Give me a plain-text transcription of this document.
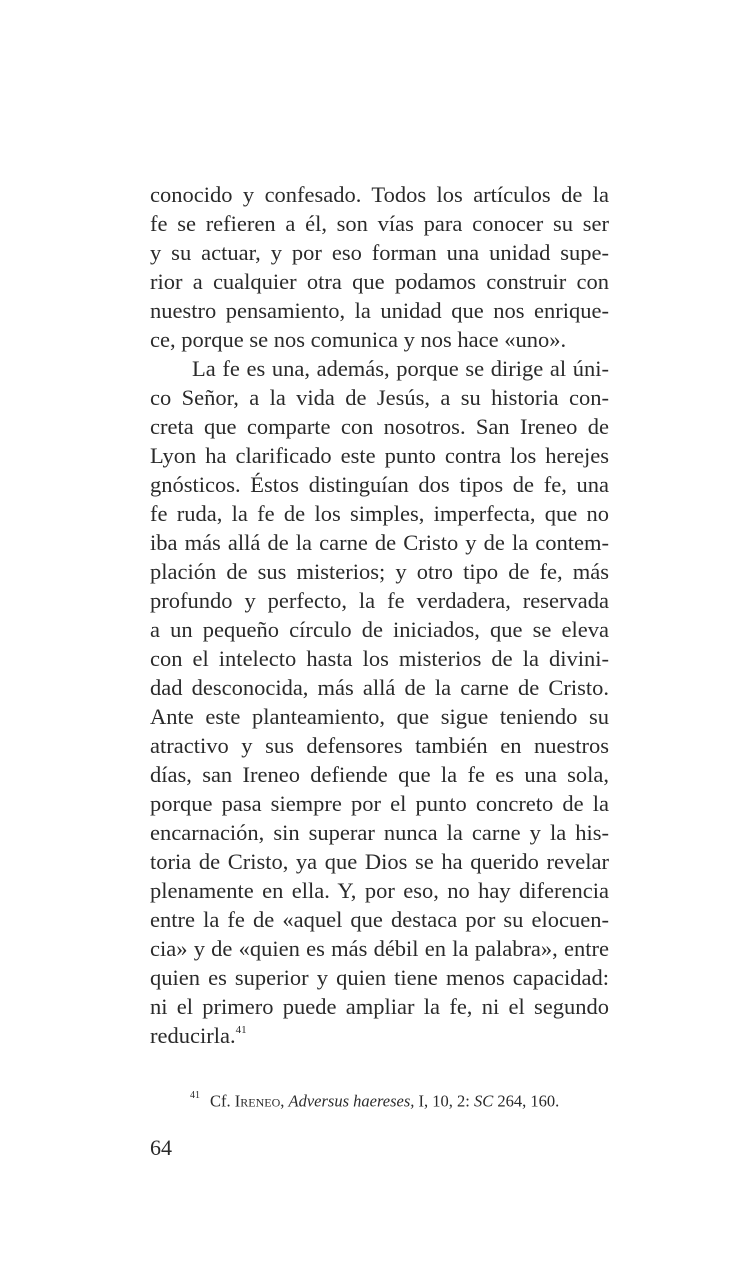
conocido y confesado. Todos los artículos de la
fe se refieren a él, son vías para conocer su ser
y su actuar, y por eso forman una unidad supe-
rior a cualquier otra que podamos construir con
nuestro pensamiento, la unidad que nos enrique-
ce, porque se nos comunica y nos hace «uno».
La fe es una, además, porque se dirige al úni-
co Señor, a la vida de Jesús, a su historia con-
creta que comparte con nosotros. San Ireneo de
Lyon ha clarificado este punto contra los herejes
gnósticos. Éstos distinguían dos tipos de fe, una
fe ruda, la fe de los simples, imperfecta, que no
iba más allá de la carne de Cristo y de la contem-
plación de sus misterios; y otro tipo de fe, más
profundo y perfecto, la fe verdadera, reservada
a un pequeño círculo de iniciados, que se eleva
con el intelecto hasta los misterios de la divini-
dad desconocida, más allá de la carne de Cristo.
Ante este planteamiento, que sigue teniendo su
atractivo y sus defensores también en nuestros
días, san Ireneo defiende que la fe es una sola,
porque pasa siempre por el punto concreto de la
encarnación, sin superar nunca la carne y la his-
toria de Cristo, ya que Dios se ha querido revelar
plenamente en ella. Y, por eso, no hay diferencia
entre la fe de «aquel que destaca por su elocuen-
cia» y de «quien es más débil en la palabra», entre
quien es superior y quien tiene menos capacidad:
ni el primero puede ampliar la fe, ni el segundo
reducirla.$^{41}$
$^{41}$ Cf. Ireneo, Adversus haereses, I, 10, 2: SC 264, 160.
64
